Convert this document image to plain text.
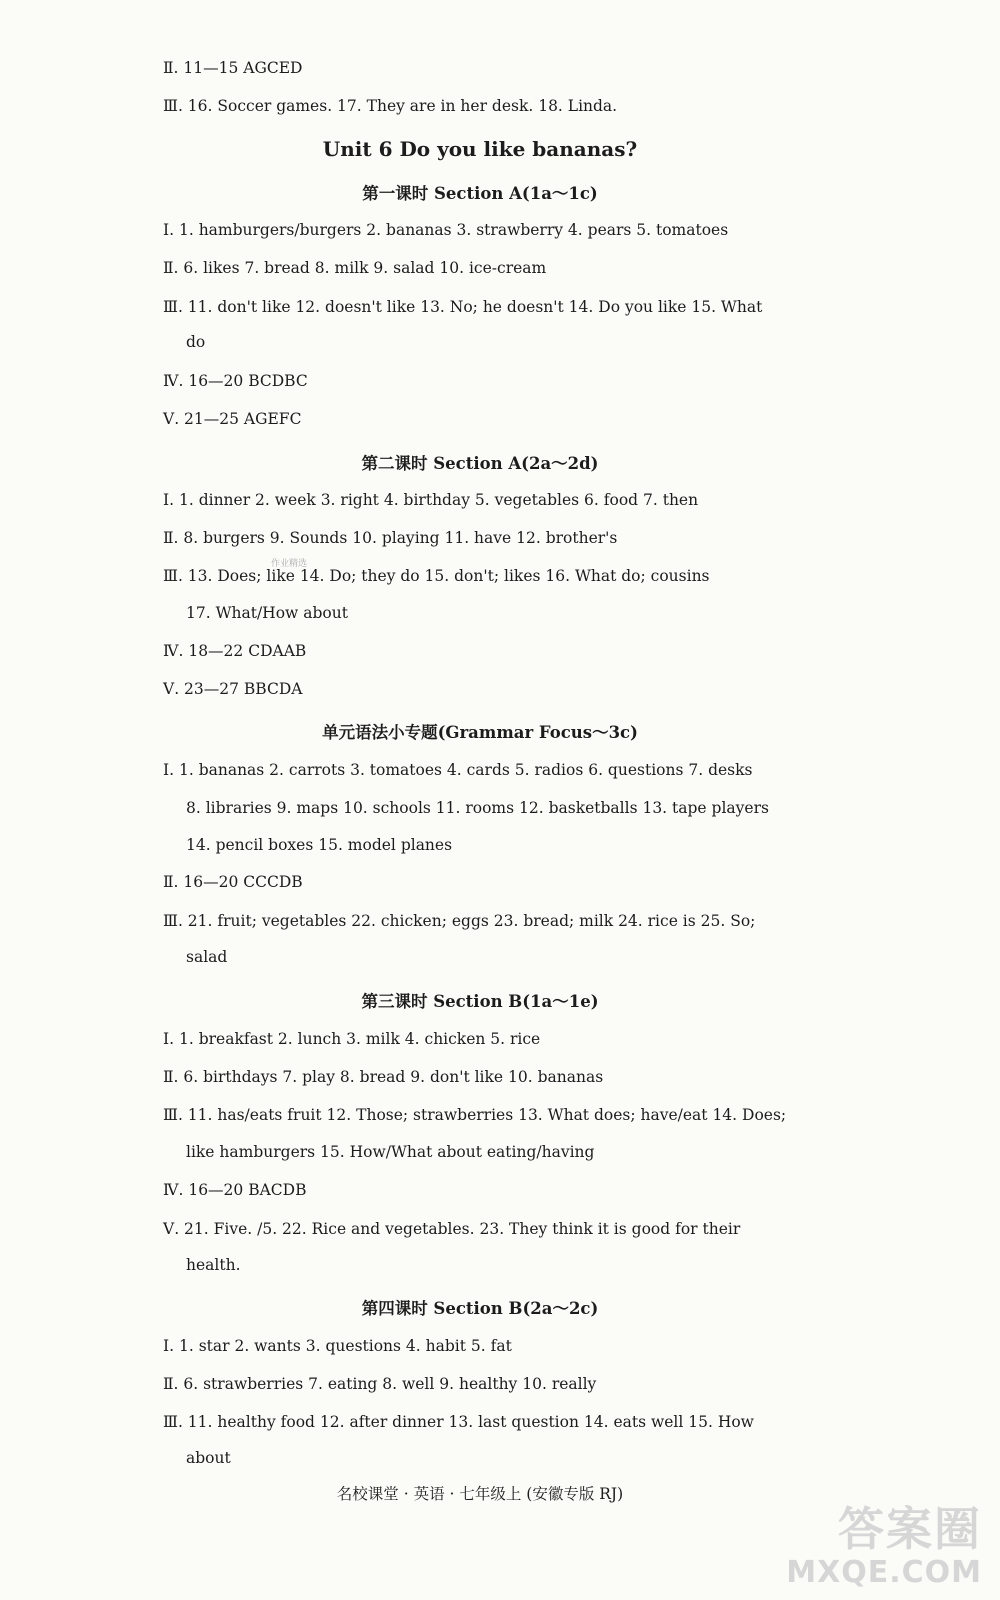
Ⅱ. 11—15 AGCED
Ⅲ. 16. Soccer games. 17. They are in her desk. 18. Linda.
Unit 6 Do you like bananas?
第一课时 Section A(1a～1c)
Ⅰ. 1. hamburgers/burgers 2. bananas 3. strawberry 4. pears 5. tomatoes
Ⅱ. 6. likes 7. bread 8. milk 9. salad 10. ice-cream
Ⅲ. 11. don't like 12. doesn't like 13. No; he doesn't 14. Do you like 15. What
do
Ⅳ. 16—20 BCDBC
Ⅴ. 21—25 AGEFC
第二课时 Section A(2a～2d)
Ⅰ. 1. dinner 2. week 3. right 4. birthday 5. vegetables 6. food 7. then
Ⅱ. 8. burgers 9. Sounds 10. playing 11. have 12. brother's
Ⅲ. 13. Does; like 14. Do; they do 15. don't; likes 16. What do; cousins
17. What/How about
Ⅳ. 18—22 CDAAB
Ⅴ. 23—27 BBCDA
作业精选
单元语法小专题(Grammar Focus～3c)
Ⅰ. 1. bananas 2. carrots 3. tomatoes 4. cards 5. radios 6. questions 7. desks
8. libraries 9. maps 10. schools 11. rooms 12. basketballs 13. tape players
14. pencil boxes 15. model planes
Ⅱ. 16—20 CCCDB
Ⅲ. 21. fruit; vegetables 22. chicken; eggs 23. bread; milk 24. rice is 25. So;
salad
第三课时 Section B(1a～1e)
Ⅰ. 1. breakfast 2. lunch 3. milk 4. chicken 5. rice
Ⅱ. 6. birthdays 7. play 8. bread 9. don't like 10. bananas
Ⅲ. 11. has/eats fruit 12. Those; strawberries 13. What does; have/eat 14. Does;
like hamburgers 15. How/What about eating/having
Ⅳ. 16—20 BACDB
Ⅴ. 21. Five. /5. 22. Rice and vegetables. 23. They think it is good for their
health.
第四课时 Section B(2a～2c)
Ⅰ. 1. star 2. wants 3. questions 4. habit 5. fat
Ⅱ. 6. strawberries 7. eating 8. well 9. healthy 10. really
Ⅲ. 11. healthy food 12. after dinner 13. last question 14. eats well 15. How
about
名校课堂 · 英语 · 七年级上 (安徽专版 RJ)
答案圈
MXQE.COM
